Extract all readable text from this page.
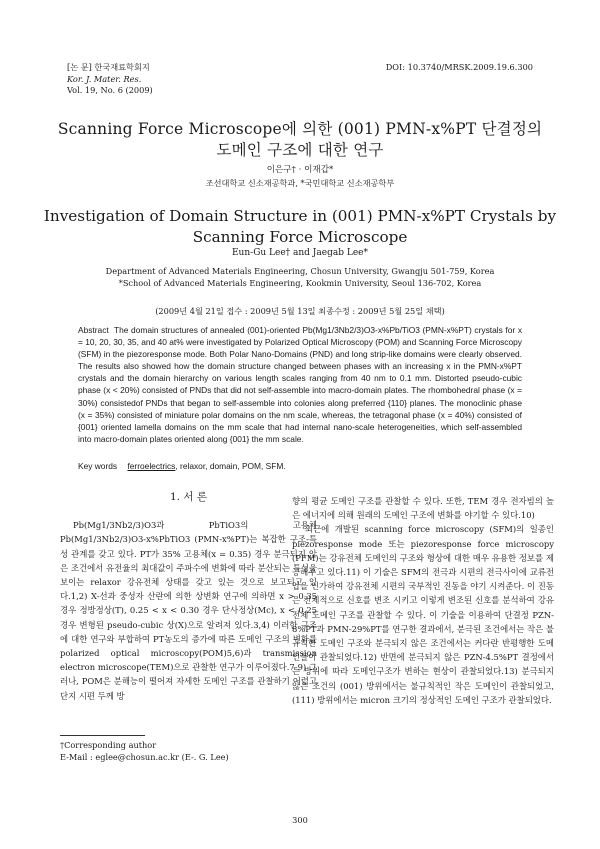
[논 문] 한국재료학회지
Kor. J. Mater. Res.
Vol. 19, No. 6 (2009)
DOI: 10.3740/MRSK.2009.19.6.300
Scanning Force Microscope에 의한 (001) PMN-x%PT 단결정의
도메인 구조에 대한 연구
이은구† · 이재갑*
조선대학교 신소재공학과, *국민대학교 신소재공학부
Investigation of Domain Structure in (001) PMN-x%PT Crystals by
Scanning Force Microscope
Eun-Gu Lee† and Jaegab Lee*
Department of Advanced Materials Engineering, Chosun University, Gwangju 501-759, Korea
*School of Advanced Materials Engineering, Kookmin University, Seoul 136-702, Korea
(2009년 4월 21일 접수 : 2009년 5월 13일 최종수정 : 2009년 5월 25일 채택)
Abstract The domain structures of annealed (001)-oriented Pb(Mg1/3Nb2/3)O3-x%Pb/TiO3 (PMN-x%PT) crystals for x = 10, 20, 30, 35, and 40 at% were investigated by Polarized Optical Microscopy (POM) and Scanning Force Microscopy (SFM) in the piezoresponse mode. Both Polar Nano-Domains (PND) and long strip-like domains were clearly observed. The results also showed how the domain structure changed between phases with an increasing x in the PMN-x%PT crystals and the domain hierarchy on various length scales ranging from 40 nm to 0.1 mm. Distorted pseudo-cubic phase (x < 20%) consisted of PNDs that did not self-assemble into macro-domain plates. The rhombohedral phase (x = 30%) consistedof PNDs that began to self-assemble into colonies along preferred {110} planes. The monoclinic phase (x = 35%) consisted of miniature polar domains on the nm scale, whereas, the tetragonal phase (x = 40%) consisted of {001} oriented lamella domains on the mm scale that had internal nano-scale heterogeneities, which self-assembled into macro-domain plates oriented along {001} the mm scale.
Key words ferroelectrics, relaxor, domain, POM, SFM.
1. 서 론

Pb(Mg1/3Nb2/3)O3과 PbTiO3의 고용체 Pb(Mg1/3Nb2/3)O3-x%PbTiO3 (PMN-x%PT)는 복잡한 구조-특성 관계를 갖고 있다. PT가 35% 고용체(x = 0.35) 경우 분극되지 않은 조건에서 유전율의 최대값이 주파수에 변화에 따라 분산되는 특성을 보이는 relaxor 강유전체 상태를 갖고 있는 것으로 보고되고 있다.1,2) X-선과 중성자 산란에 의한 상변화 연구에 의하면 x > 0.35 경우 정방정상(T), 0.25 < x < 0.30 경우 단사정상(Mc), x < 0.25 경우 변형된 pseudo-cubic 상(X)으로 알려져 있다.3,4) 이러한 구조에 대한 연구와 부합하여 PT농도의 증가에 따른 도메인 구조의 변화를 polarized optical microscopy(POM)5,6)과 transmission electron microscope(TEM)으로 관찰한 연구가 이루어졌다.7-9) 그러나, POM은 분해능이 떨어져 자세한 도메인 구조를 관찰하기 어렵고 단지 시편 두께 방

향의 평균 도메인 구조를 관찰할 수 있다. 또한, TEM 경우 전자빔의 높은 에너지에 의해 원래의 도메인 구조에 변화를 야기할 수 있다.10)

최근에 개발된 scanning force microscopy (SFM)의 일종인 piezoresponse mode 또는 piezoresponse force microscopy (PFM)는 강유전체 도메인의 구조와 형상에 대한 매우 유용한 정보를 제공해주고 있다.11) 이 기술은 SFM의 전극과 시편의 전극사이에 교류전압을 인가하여 강유전체 시편의 국부적인 진동을 야기 시켜준다. 이 진동은 전체적으로 신호를 변조 시키고 이렇게 변조된 신호를 분석하여 강유전체 도메인 구조를 관찰할 수 있다. 이 기술을 이용하여 단결정 PZN-8%PT과 PMN-29%PT를 연구한 결과에서, 분극된 조건에서는 작은 불규칙한 도메인 구조와 분극되지 않은 조건에서는 커다란 반평행한 도메인들이 관찰되었다.12) 반면에 분극되지 않은 PZN-4.5%PT 결정에서는 방위에 따라 도메인구조가 변하는 현상이 관찰되었다.13) 분극되지 않은 조건의 (001) 방위에서는 불규칙적인 작은 도메인이 관찰되었고, (111) 방위에서는 micron 크기의 정상적인 도메인 구조가 관찰되었다.

†Corresponding author
E-Mail : eglee@chosun.ac.kr (E-. G. Lee)
300
